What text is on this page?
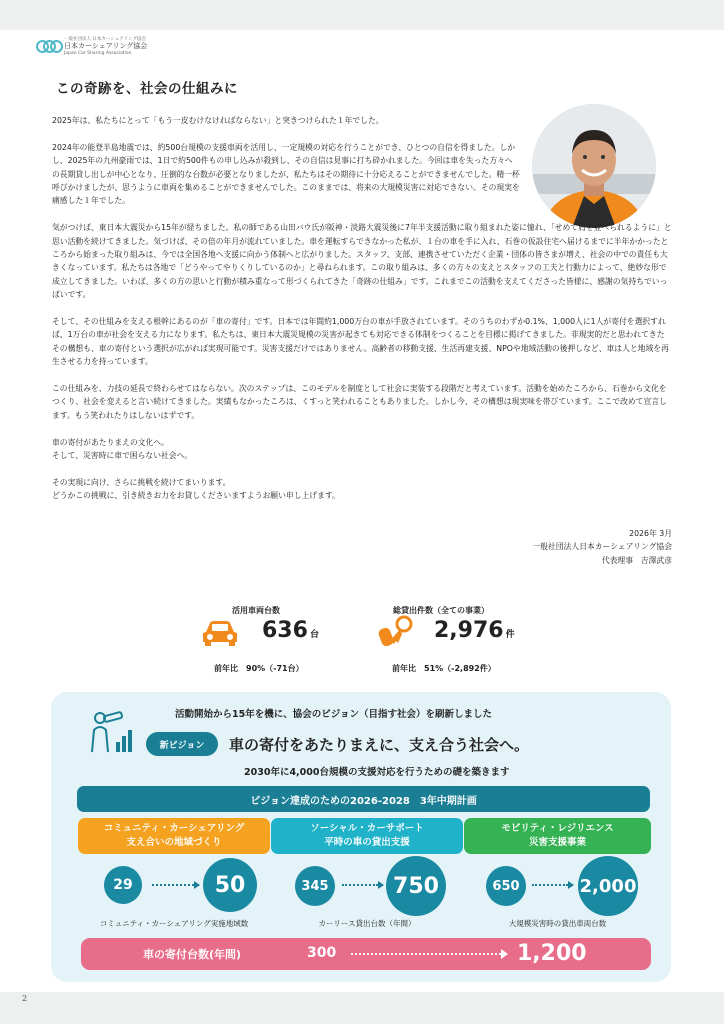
一般社団法人 日本カーシェアリング協会
日本カーシェアリング協会
Japan Car Sharing Association
この奇跡を、社会の仕組みに

2025年は、私たちにとって「もう一皮むけなければならない」と突きつけられた１年でした。

2024年の能登半島地震では、約500台規模の支援車両を活用し、一定規模の対応を行うことができ、ひとつの自信を得ました。しかし、2025年の九州豪雨では、1日で約500件もの申し込みが殺到し、その自信は見事に打ち砕かれました。今回は車を失った方々への長期貸し出しが中心となり、圧倒的な台数が必要となりましたが、私たちはその期待に十分応えることができませんでした。精一杯呼びかけましたが、思うように車両を集めることができませんでした。このままでは、将来の大規模災害に対応できない。その現実を痛感した１年でした。

気がつけば、東日本大震災から15年が経ちました。私の師である山田バウ氏が阪神・淡路大震災後に7年半支援活動に取り組まれた姿に憧れ、「せめて肩を並べられるように」と思い活動を続けてきました。気づけば、その倍の年月が流れていました。車を運転すらできなかった私が、１台の車を手に入れ、石巻の仮設住宅へ届けるまでに半年かかったところから始まった取り組みは、今では全国各地へ支援に向かう体制へと広がりました。スタッフ、支部、連携させていただく企業・団体の皆さまが増え、社会の中での責任も大きくなっています。私たちは各地で「どうやってやりくりしているのか」と尋ねられます。この取り組みは、多くの方々の支えとスタッフの工夫と行動力によって、絶妙な形で成立してきました。いわば、多くの方の思いと行動が積み重なって形づくられてきた「奇跡の仕組み」です。これまでこの活動を支えてくださった皆様に、感謝の気持ちでいっぱいです。

そして、その仕組みを支える根幹にあるのが「車の寄付」です。日本では年間約1,000万台の車が手放されています。そのうちのわずか0.1%、1,000人に1人が寄付を選択すれば、1万台の車が社会を支える力になります。私たちは、東日本大震災規模の災害が起きても対応できる体制をつくることを目標に掲げてきました。非現実的だと思われてきたその構想も、車の寄付という選択が広がれば実現可能です。災害支援だけではありません。高齢者の移動支援、生活再建支援、NPOや地域活動の後押しなど、車は人と地域を再生させる力を持っています。

この仕組みを、力技の延長で終わらせてはならない。次のステップは、このモデルを制度として社会に実装する段階だと考えています。活動を始めたころから、石巻から文化をつくり、社会を変えると言い続けてきました。実績もなかったころは、くすっと笑われることもありました。しかし今、その構想は現実味を帯びています。ここで改めて宣言します。もう笑われたりはしないはずです。

車の寄付があたりまえの文化へ。
そして、災害時に車で困らない社会へ。

その実現に向け、さらに挑戦を続けてまいります。
どうかこの挑戦に、引き続きお力をお貸しくださいますようお願い申し上げます。

2026年 3月
一般社団法人日本カーシェアリング協会
代表理事　吉澤武彦
活用車両台数
636 台
前年比　90%（-71台）
総貸出件数（全ての事業）
2,976 件
前年比　51%（-2,892件）
活動開始から15年を機に、協会のビジョン（目指す社会）を刷新しました
新ビジョン	車の寄付をあたりまえに、支え合う社会へ。
2030年に4,000台規模の支援対応を行うための礎を築きます
ビジョン達成のための2026-2028　3年中期計画
コミュニティ・カーシェアリング
支え合いの地域づくり
ソーシャル・カーサポート
平時の車の貸出支援
モビリティ・レジリエンス
災害支援事業
29	50
コミュニティ・カーシェアリング実施地域数
345	750
カーリース貸出台数（年間）
650	2,000
大規模災害時の貸出車両台数
車の寄付台数(年間)	300	1,200
2
